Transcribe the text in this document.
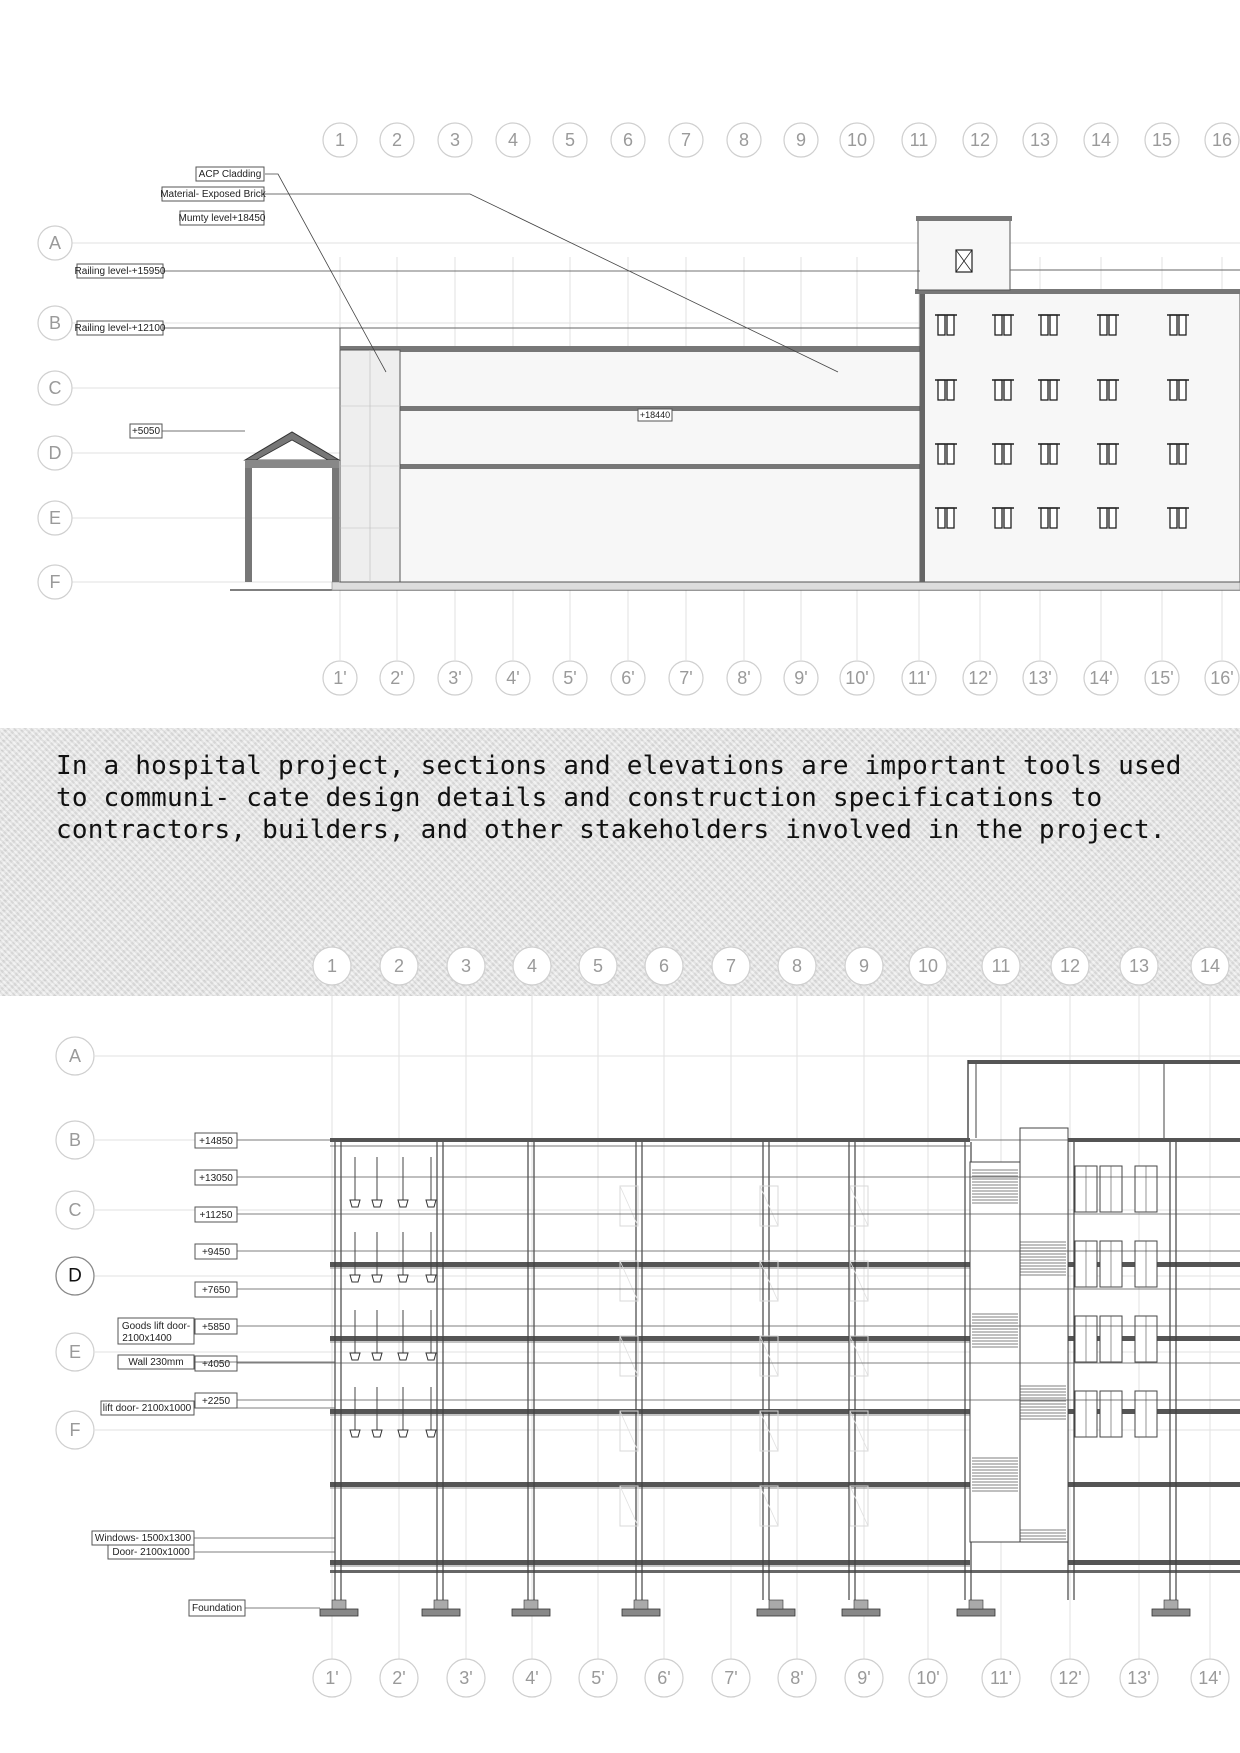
A
B
C
D
E
F
1
1'
2
2'
3
3'
4
4'
5
5'
6
6'
7
7'
8
8'
9
9'
10
10'
11
11'
12
12'
13
13'
14
14'
15
15'
16
16'
ACP Cladding
Material- Exposed Brick
Mumty level+18450
Railing level-+15950
Railing level-+12100
+5050
+18440

In a hospital project, sections and elevations are important tools used to communi- cate design details and construction specifications to contractors, builders, and other stakeholders involved in the project.

A
B
C
D
E
F
1
1'
2
2'
3
3'
4
4'
5
5'
6
6'
7
7'
8
8'
9
9'
10
10'
11
11'
12
12'
13
13'
14
14'
+14850
+13050
+11250
+9450
+7650
+5850
+4050
+2250
Goods lift door-
2100x1400
Wall 230mm
lift door- 2100x1000
Windows- 1500x1300
Door- 2100x1000
Foundation
